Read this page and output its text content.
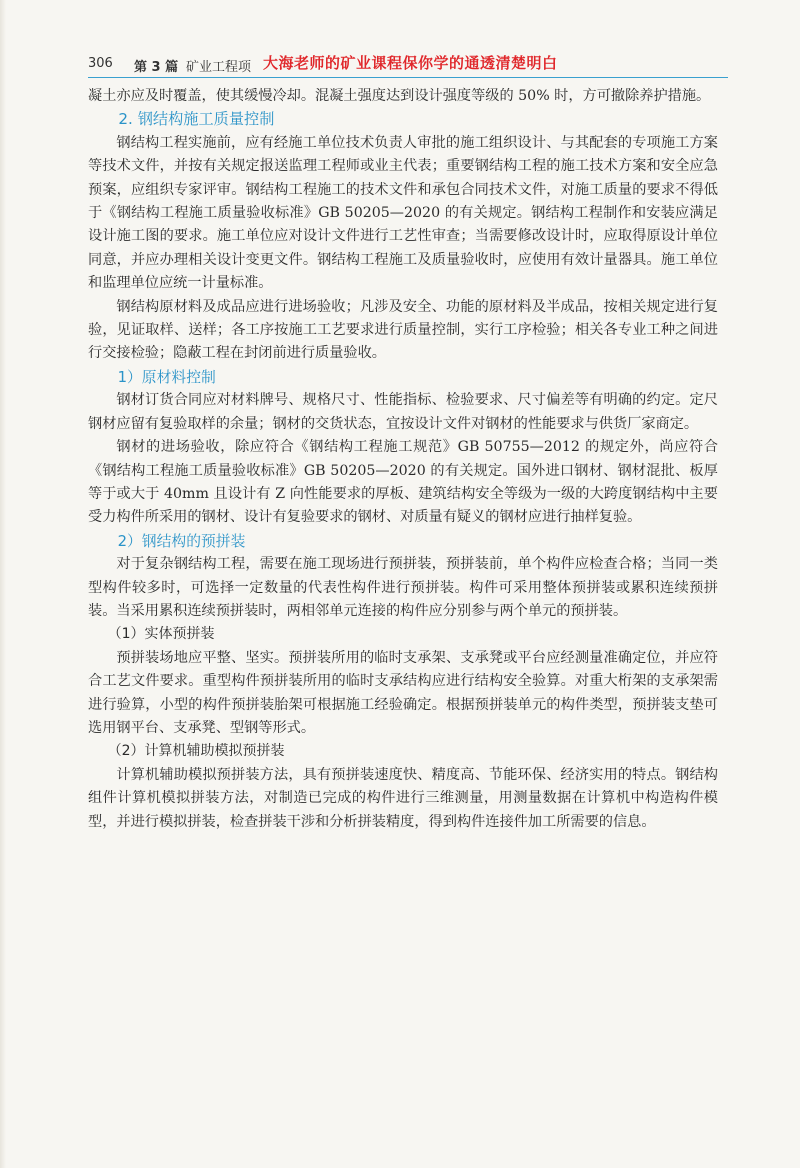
306 第 3 篇 矿业工程项 大海老师的矿业课程保你学的通透清楚明白

凝土亦应及时覆盖，使其缓慢冷却。混凝土强度达到设计强度等级的 50% 时，方可撤除养护措施。

2. 钢结构施工质量控制

钢结构工程实施前，应有经施工单位技术负责人审批的施工组织设计、与其配套的专项施工方案等技术文件，并按有关规定报送监理工程师或业主代表；重要钢结构工程的施工技术方案和安全应急预案，应组织专家评审。钢结构工程施工的技术文件和承包合同技术文件，对施工质量的要求不得低于《钢结构工程施工质量验收标准》GB 50205—2020 的有关规定。钢结构工程制作和安装应满足设计施工图的要求。施工单位应对设计文件进行工艺性审查；当需要修改设计时，应取得原设计单位同意，并应办理相关设计变更文件。钢结构工程施工及质量验收时，应使用有效计量器具。施工单位和监理单位应统一计量标准。

钢结构原材料及成品应进行进场验收；凡涉及安全、功能的原材料及半成品，按相关规定进行复验，见证取样、送样；各工序按施工工艺要求进行质量控制，实行工序检验；相关各专业工种之间进行交接检验；隐蔽工程在封闭前进行质量验收。

1）原材料控制

钢材订货合同应对材料牌号、规格尺寸、性能指标、检验要求、尺寸偏差等有明确的约定。定尺钢材应留有复验取样的余量；钢材的交货状态，宜按设计文件对钢材的性能要求与供货厂家商定。

钢材的进场验收，除应符合《钢结构工程施工规范》GB 50755—2012 的规定外，尚应符合《钢结构工程施工质量验收标准》GB 50205—2020 的有关规定。国外进口钢材、钢材混批、板厚等于或大于 40mm 且设计有 Z 向性能要求的厚板、建筑结构安全等级为一级的大跨度钢结构中主要受力构件所采用的钢材、设计有复验要求的钢材、对质量有疑义的钢材应进行抽样复验。

2）钢结构的预拼装

对于复杂钢结构工程，需要在施工现场进行预拼装，预拼装前，单个构件应检查合格；当同一类型构件较多时，可选择一定数量的代表性构件进行预拼装。构件可采用整体预拼装或累积连续预拼装。当采用累积连续预拼装时，两相邻单元连接的构件应分别参与两个单元的预拼装。

（1）实体预拼装

预拼装场地应平整、坚实。预拼装所用的临时支承架、支承凳或平台应经测量准确定位，并应符合工艺文件要求。重型构件预拼装所用的临时支承结构应进行结构安全验算。对重大桁架的支承架需进行验算，小型的构件预拼装胎架可根据施工经验确定。根据预拼装单元的构件类型，预拼装支垫可选用钢平台、支承凳、型钢等形式。

（2）计算机辅助模拟预拼装

计算机辅助模拟预拼装方法，具有预拼装速度快、精度高、节能环保、经济实用的特点。钢结构组件计算机模拟拼装方法，对制造已完成的构件进行三维测量，用测量数据在计算机中构造构件模型，并进行模拟拼装，检查拼装干涉和分析拼装精度，得到构件连接件加工所需要的信息。
